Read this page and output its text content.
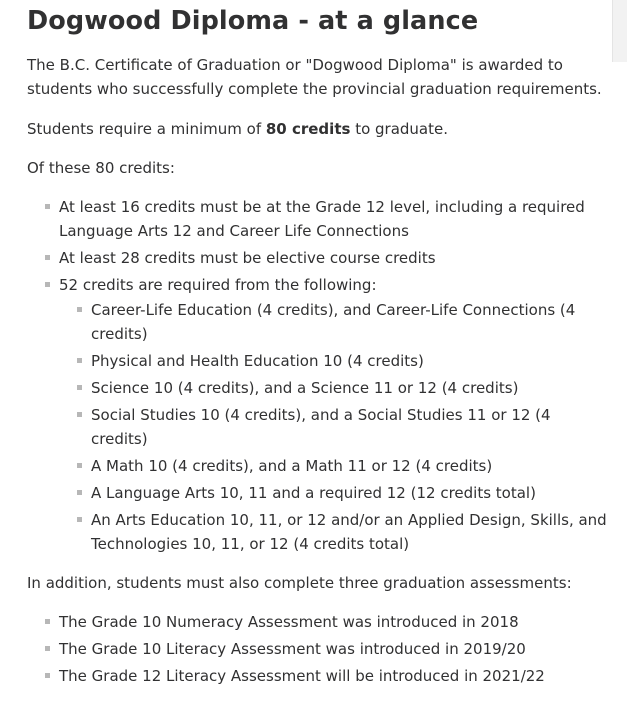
Dogwood Diploma - at a glance

The B.C. Certificate of Graduation or "Dogwood Diploma" is awarded to students who successfully complete the provincial graduation requirements.

Students require a minimum of 80 credits to graduate.

Of these 80 credits:

At least 16 credits must be at the Grade 12 level, including a required Language Arts 12 and Career Life Connections
At least 28 credits must be elective course credits
52 credits are required from the following:
Career-Life Education (4 credits), and Career-Life Connections (4 credits)
Physical and Health Education 10 (4 credits)
Science 10 (4 credits), and a Science 11 or 12 (4 credits)
Social Studies 10 (4 credits), and a Social Studies 11 or 12 (4 credits)
A Math 10 (4 credits), and a Math 11 or 12 (4 credits)
A Language Arts 10, 11 and a required 12 (12 credits total)
An Arts Education 10, 11, or 12 and/or an Applied Design, Skills, and Technologies 10, 11, or 12 (4 credits total)

In addition, students must also complete three graduation assessments:

The Grade 10 Numeracy Assessment was introduced in 2018
The Grade 10 Literacy Assessment was introduced in 2019/20
The Grade 12 Literacy Assessment will be introduced in 2021/22
